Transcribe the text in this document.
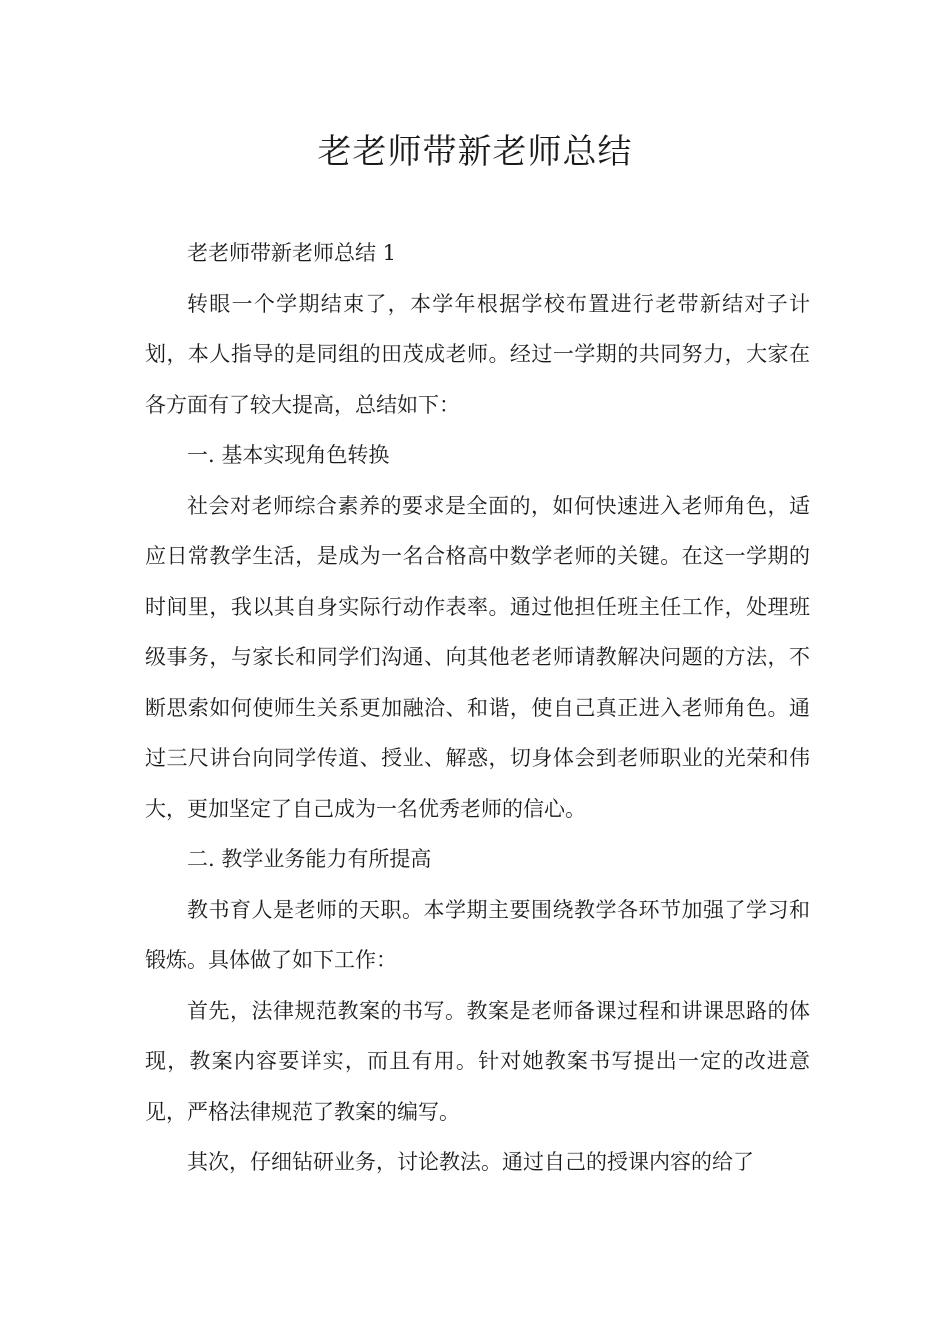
老老师带新老师总结

老老师带新老师总结 1

转眼一个学期结束了，本学年根据学校布置进行老带新结对子计划，本人指导的是同组的田茂成老师。经过一学期的共同努力，大家在各方面有了较大提高，总结如下：

一. 基本实现角色转换

社会对老师综合素养的要求是全面的，如何快速进入老师角色，适应日常教学生活，是成为一名合格高中数学老师的关键。在这一学期的时间里，我以其自身实际行动作表率。通过他担任班主任工作，处理班级事务，与家长和同学们沟通、向其他老老师请教解决问题的方法，不断思索如何使师生关系更加融洽、和谐，使自己真正进入老师角色。通过三尺讲台向同学传道、授业、解惑，切身体会到老师职业的光荣和伟大，更加坚定了自己成为一名优秀老师的信心。

二. 教学业务能力有所提高

教书育人是老师的天职。本学期主要围绕教学各环节加强了学习和锻炼。具体做了如下工作：

首先，法律规范教案的书写。教案是老师备课过程和讲课思路的体现，教案内容要详实，而且有用。针对她教案书写提出一定的改进意见，严格法律规范了教案的编写。

其次，仔细钻研业务，讨论教法。通过自己的授课内容的给了
